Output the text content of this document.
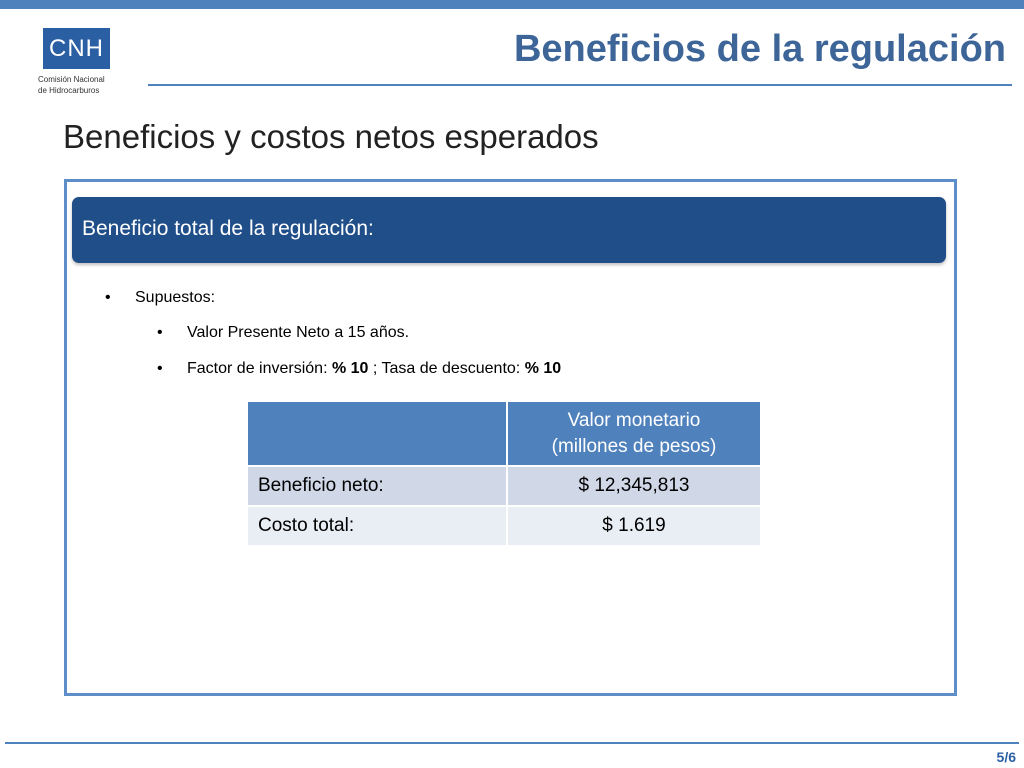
CNH
Comisión Nacional
de Hidrocarburos
Beneficios de la regulación
Beneficios y costos netos esperados
Beneficio total de la regulación:
• Supuestos:
• Valor Presente Neto a 15 años.
• Factor de inversión: % 10 ; Tasa de descuento: % 10

	Valor monetario
(millones de pesos)

Beneficio neto:	$ 12,345,813
Costo total:	$ 1.619
5/6
